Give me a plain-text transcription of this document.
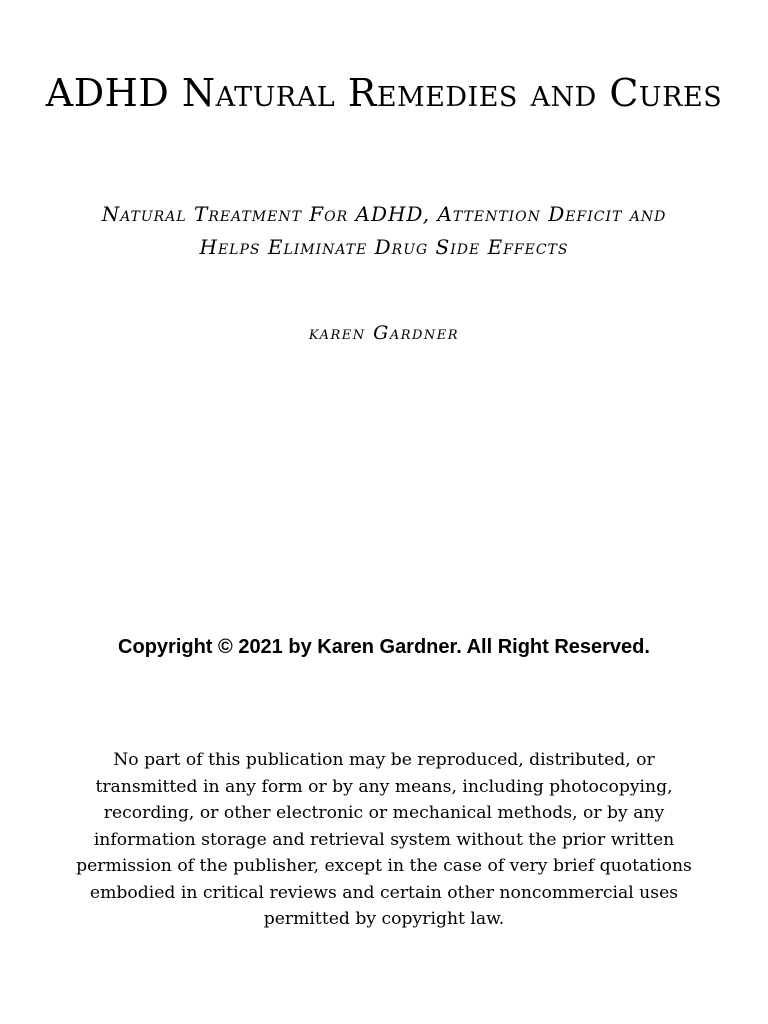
ADHD Natural Remedies and Cures

Natural Treatment For ADHD, Attention Deficit and Helps Eliminate Drug Side Effects

karen Gardner

Copyright © 2021 by Karen Gardner. All Right Reserved.

No part of this publication may be reproduced, distributed, or transmitted in any form or by any means, including photocopying, recording, or other electronic or mechanical methods, or by any information storage and retrieval system without the prior written permission of the publisher, except in the case of very brief quotations embodied in critical reviews and certain other noncommercial uses permitted by copyright law.
